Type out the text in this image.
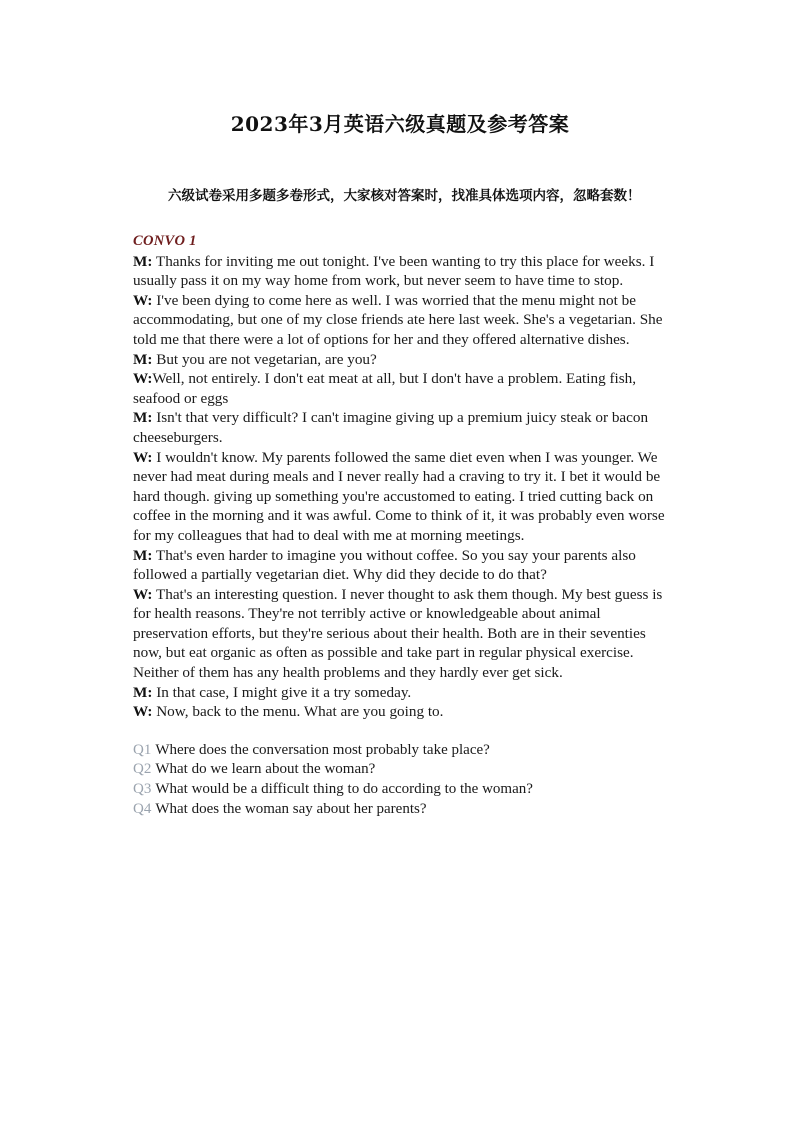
2023年3月英语六级真题及参考答案
六级试卷采用多题多卷形式，大家核对答案时，找准具体选项内容，忽略套数！
CONVO 1

M: Thanks for inviting me out tonight. I've been wanting to try this place for weeks. I usually pass it on my way home from work, but never seem to have time to stop.

W: I've been dying to come here as well. I was worried that the menu might not be accommodating, but one of my close friends ate here last week. She's a vegetarian. She told me that there were a lot of options for her and they offered alternative dishes.

M: But you are not vegetarian, are you?

W:Well, not entirely. I don't eat meat at all, but I don't have a problem. Eating fish, seafood or eggs

M: Isn't that very difficult? I can't imagine giving up a premium juicy steak or bacon cheeseburgers.

W: I wouldn't know. My parents followed the same diet even when I was younger. We never had meat during meals and I never really had a craving to try it. I bet it would be hard though. giving up something you're accustomed to eating. I tried cutting back on coffee in the morning and it was awful. Come to think of it, it was probably even worse for my colleagues that had to deal with me at morning meetings.

M: That's even harder to imagine you without coffee. So you say your parents also followed a partially vegetarian diet. Why did they decide to do that?

W: That's an interesting question. I never thought to ask them though. My best guess is for health reasons. They're not terribly active or knowledgeable about animal preservation efforts, but they're serious about their health. Both are in their seventies now, but eat organic as often as possible and take part in regular physical exercise. Neither of them has any health problems and they hardly ever get sick.

M: In that case, I might give it a try someday.

W: Now, back to the menu. What are you going to.

Q1 Where does the conversation most probably take place?

Q2 What do we learn about the woman?

Q3 What would be a difficult thing to do according to the woman?

Q4 What does the woman say about her parents?
